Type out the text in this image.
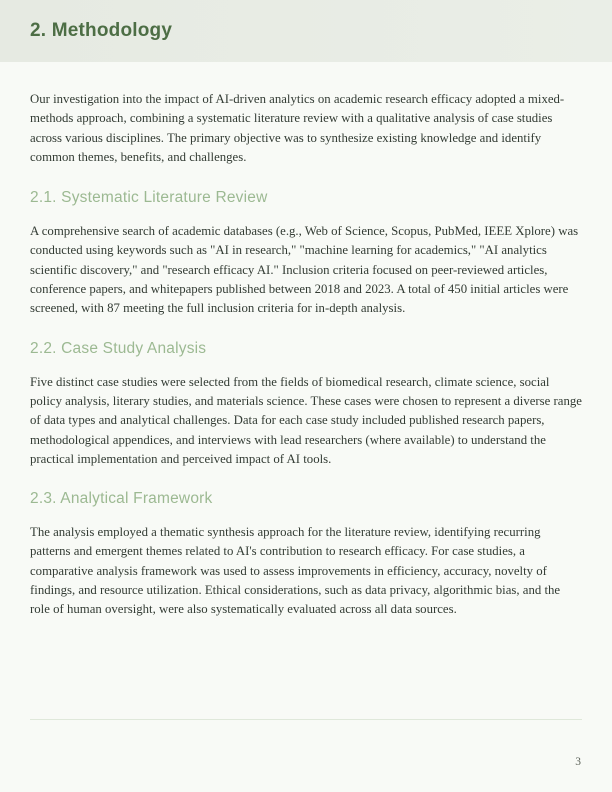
2. Methodology

Our investigation into the impact of AI-driven analytics on academic research efficacy adopted a mixed-methods approach, combining a systematic literature review with a qualitative analysis of case studies across various disciplines. The primary objective was to synthesize existing knowledge and identify common themes, benefits, and challenges.

2.1. Systematic Literature Review

A comprehensive search of academic databases (e.g., Web of Science, Scopus, PubMed, IEEE Xplore) was conducted using keywords such as "AI in research," "machine learning for academics," "AI analytics scientific discovery," and "research efficacy AI." Inclusion criteria focused on peer-reviewed articles, conference papers, and whitepapers published between 2018 and 2023. A total of 450 initial articles were screened, with 87 meeting the full inclusion criteria for in-depth analysis.

2.2. Case Study Analysis

Five distinct case studies were selected from the fields of biomedical research, climate science, social policy analysis, literary studies, and materials science. These cases were chosen to represent a diverse range of data types and analytical challenges. Data for each case study included published research papers, methodological appendices, and interviews with lead researchers (where available) to understand the practical implementation and perceived impact of AI tools.

2.3. Analytical Framework

The analysis employed a thematic synthesis approach for the literature review, identifying recurring patterns and emergent themes related to AI's contribution to research efficacy. For case studies, a comparative analysis framework was used to assess improvements in efficiency, accuracy, novelty of findings, and resource utilization. Ethical considerations, such as data privacy, algorithmic bias, and the role of human oversight, were also systematically evaluated across all data sources.

3
